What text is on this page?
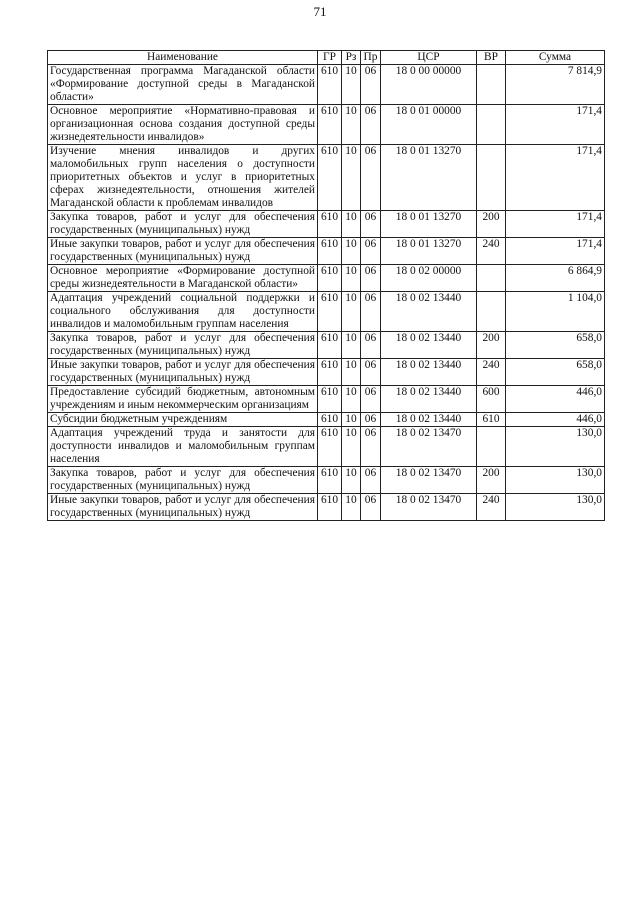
71
Наименование	ГР	Рз	Пр	ЦСР	ВР	Сумма
Государственная программа Магаданской области «Формирование доступной среды в Магаданской области»	610	10	06	18 0 00 00000		7 814,9
Основное мероприятие «Нормативно-правовая и организационная основа создания доступной среды жизнедеятельности инвалидов»	610	10	06	18 0 01 00000		171,4
Изучение мнения инвалидов и других маломобильных групп населения о доступности приоритетных объектов и услуг в приоритетных сферах жизнедеятельности, отношения жителей Магаданской области к проблемам инвалидов	610	10	06	18 0 01 13270		171,4
Закупка товаров, работ и услуг для обеспечения государственных (муниципальных) нужд	610	10	06	18 0 01 13270	200	171,4
Иные закупки товаров, работ и услуг для обеспечения государственных (муниципальных) нужд	610	10	06	18 0 01 13270	240	171,4
Основное мероприятие «Формирование доступной среды жизнедеятельности в Магаданской области»	610	10	06	18 0 02 00000		6 864,9
Адаптация учреждений социальной поддержки и социального обслуживания для доступности инвалидов и маломобильным группам населения	610	10	06	18 0 02 13440		1 104,0
Закупка товаров, работ и услуг для обеспечения государственных (муниципальных) нужд	610	10	06	18 0 02 13440	200	658,0
Иные закупки товаров, работ и услуг для обеспечения государственных (муниципальных) нужд	610	10	06	18 0 02 13440	240	658,0
Предоставление субсидий бюджетным, автономным учреждениям и иным некоммерческим организациям	610	10	06	18 0 02 13440	600	446,0
Субсидии бюджетным учреждениям	610	10	06	18 0 02 13440	610	446,0
Адаптация учреждений труда и занятости для доступности инвалидов и маломобильным группам населения	610	10	06	18 0 02 13470		130,0
Закупка товаров, работ и услуг для обеспечения государственных (муниципальных) нужд	610	10	06	18 0 02 13470	200	130,0
Иные закупки товаров, работ и услуг для обеспечения государственных (муниципальных) нужд	610	10	06	18 0 02 13470	240	130,0
